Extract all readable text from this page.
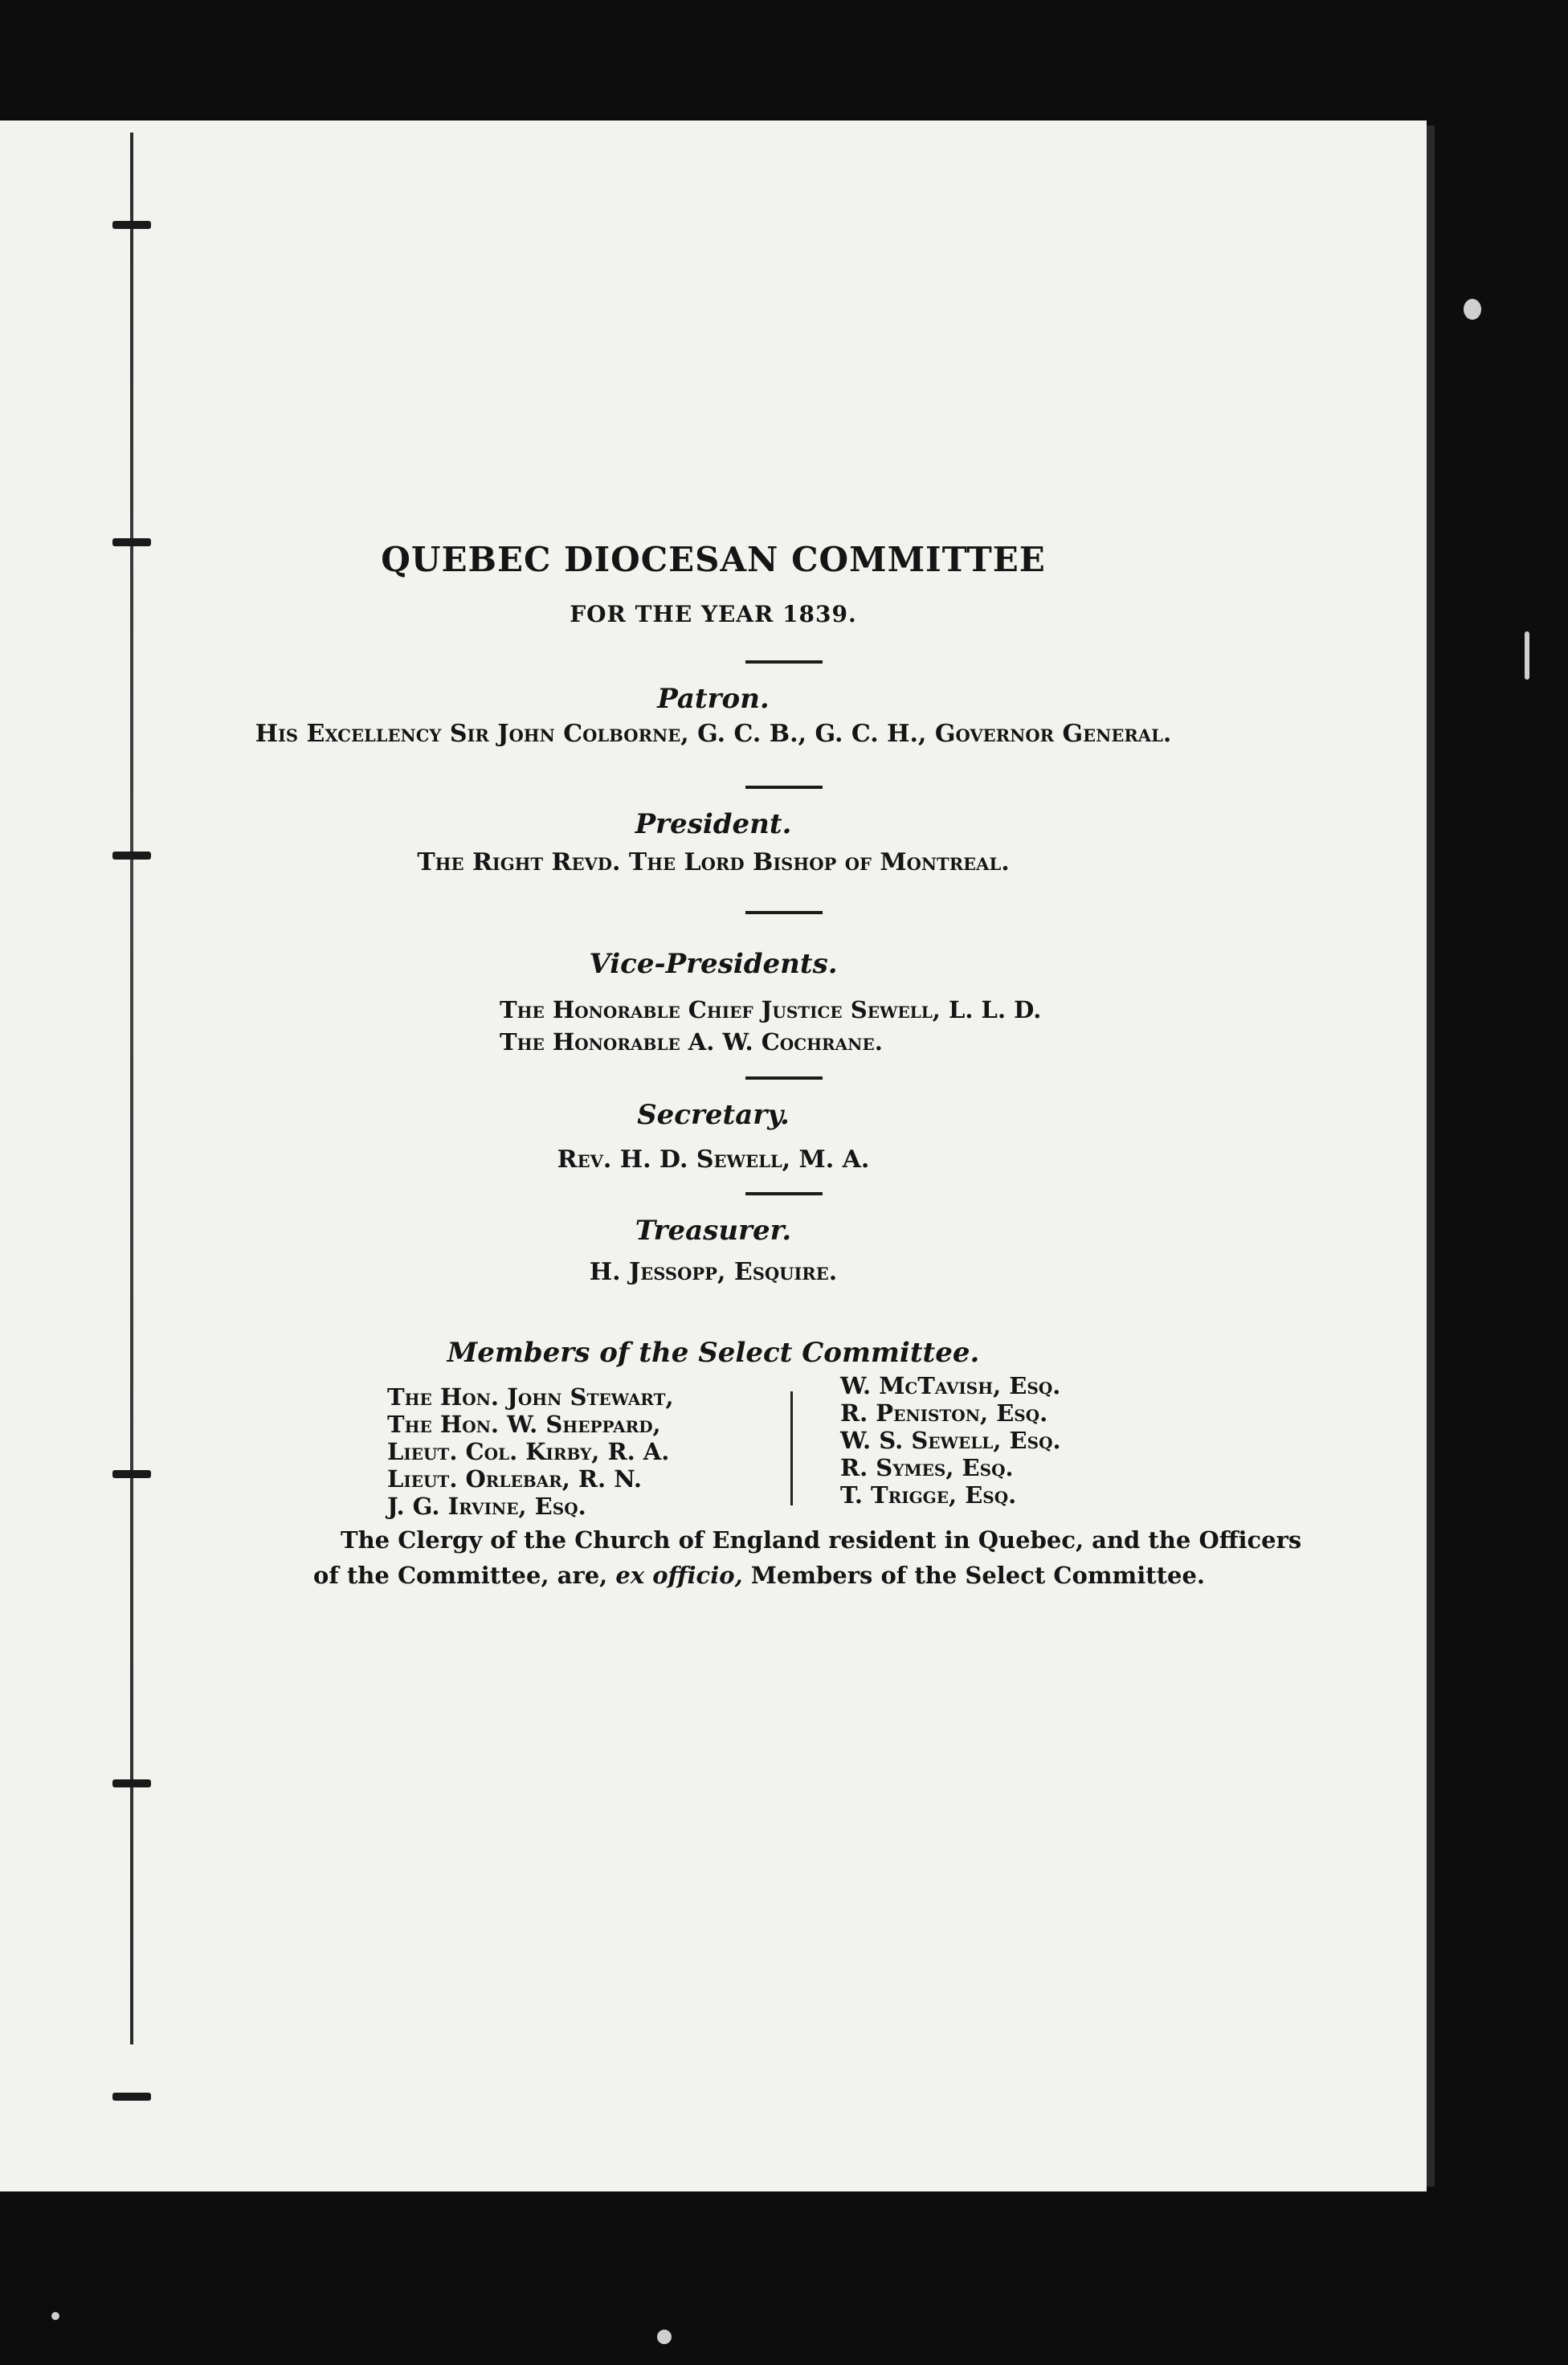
QUEBEC DIOCESAN COMMITTEE
FOR THE YEAR 1839.
Patron.
His Excellency Sir John Colborne, G. C. B., G. C. H., Governor General.
President.
The Right Revd. The Lord Bishop of Montreal.
Vice-Presidents.
The Honorable Chief Justice Sewell, L. L. D.
The Honorable A. W. Cochrane.
Secretary.
Rev. H. D. Sewell, M. A.
Treasurer.
H. Jessopp, Esquire.
Members of the Select Committee.
The Hon. John Stewart,
The Hon. W. Sheppard,
Lieut. Col. Kirby, R. A.
Lieut. Orlebar, R. N.
J. G. Irvine, Esq.
W. McTavish, Esq.
R. Peniston, Esq.
W. S. Sewell, Esq.
R. Symes, Esq.
T. Trigge, Esq.
The Clergy of the Church of England resident in Quebec, and the Officers
of the Committee, are, ex officio, Members of the Select Committee.
